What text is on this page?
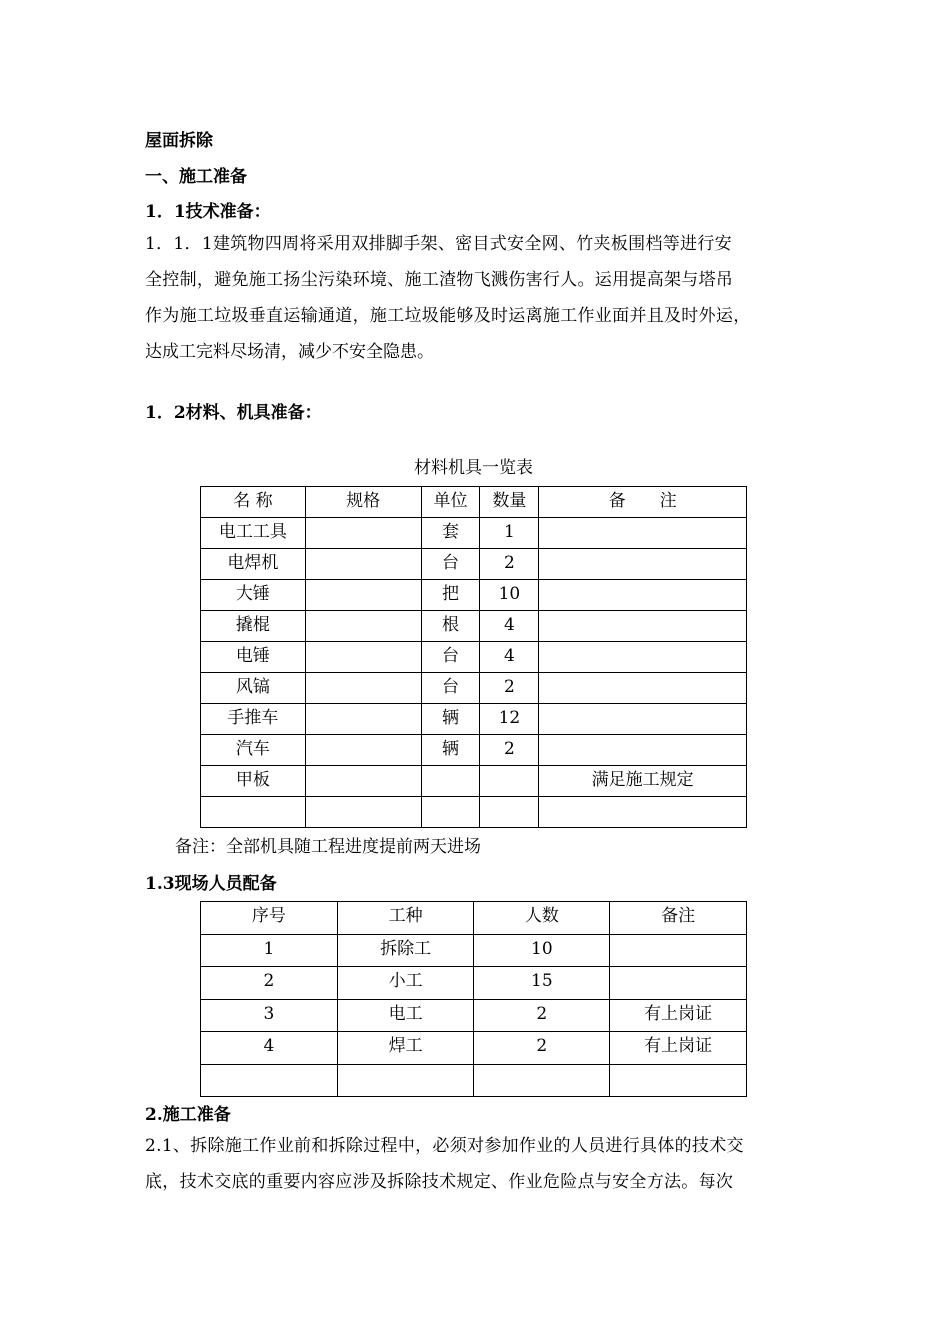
屋面拆除
一、施工准备
1．1技术准备：
1．1．1建筑物四周将采用双排脚手架、密目式安全网、竹夹板围档等进行安
全控制，避免施工扬尘污染环境、施工渣物飞溅伤害行人。运用提高架与塔吊
作为施工垃圾垂直运输通道，施工垃圾能够及时运离施工作业面并且及时外运，
达成工完料尽场清，减少不安全隐患。
1．2材料、机具准备：
材料机具一览表
名 称	规格	单位	数量	备　　注

电工工具		套	1	

电焊机		台	2	

大锤		把	10	

撬棍		根	4	

电锤		台	4	

风镐		台	2	

手推车		辆	12	

汽车		辆	2	

甲板				满足施工规定

备注：全部机具随工程进度提前两天进场
1.3现场人员配备
序号	工种	人数	备注

1	拆除工	10	

2	小工	15	

3	电工	2	有上岗证

4	焊工	2	有上岗证

2.施工准备
2.1、拆除施工作业前和拆除过程中，必须对参加作业的人员进行具体的技术交
底，技术交底的重要内容应涉及拆除技术规定、作业危险点与安全方法。每次
